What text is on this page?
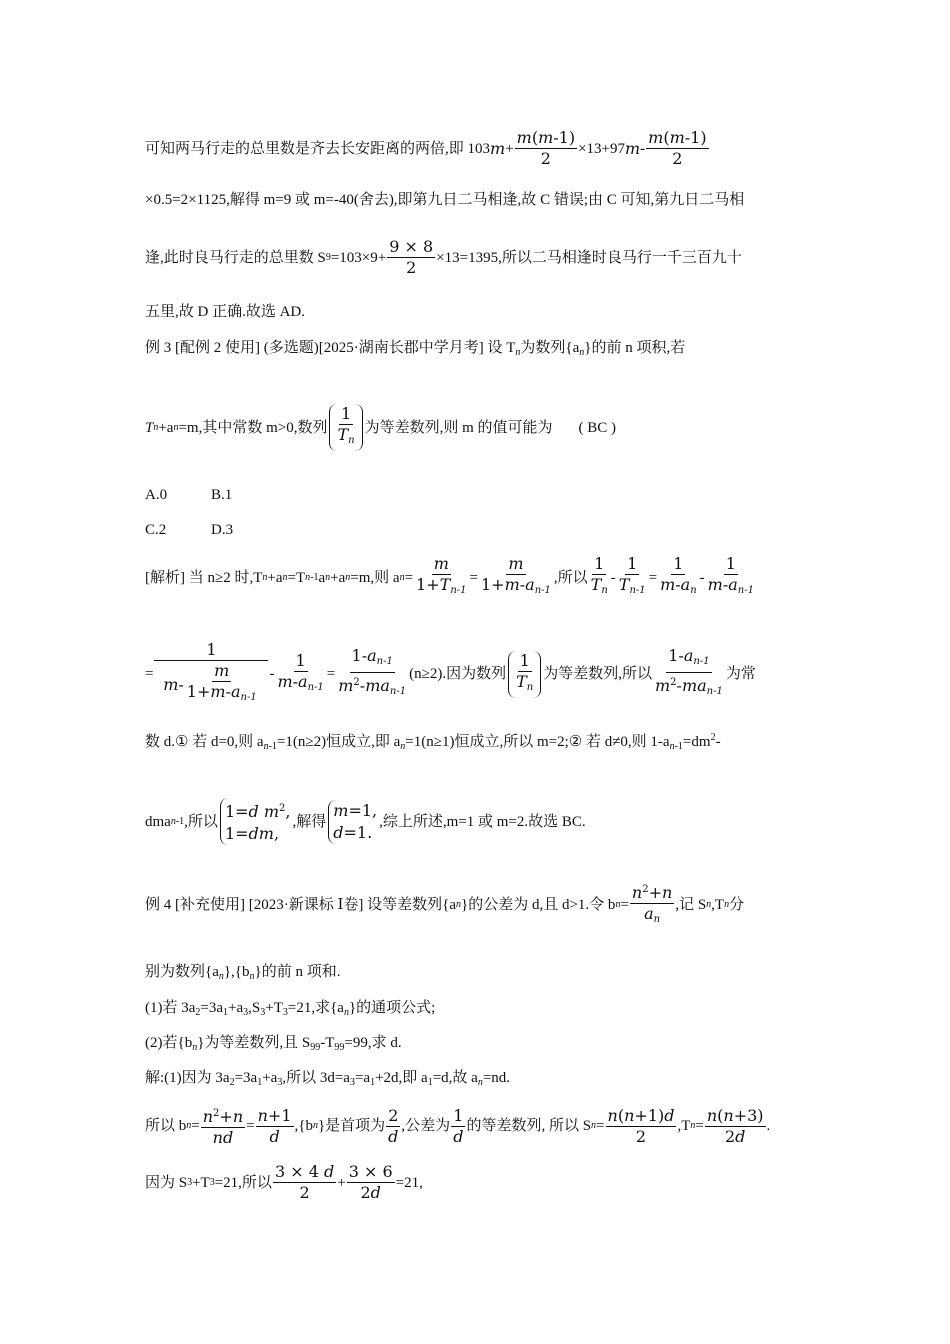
可知两马行走的总里数是齐去长安距离的两倍,即 103 $m + \frac{m(m-1)}{2} \times 13+97$ m - $\frac{m(m-1)}{2}$
×0.5=2×1125,解得 m=9 或 m=-40(舍去),即第九日二马相逢,故 C 错误;由 C 可知,第九日二马相
逢,此时良马行走的总里数 S $9 =103\times 9+ \frac{9 \times 8}{2} \times 13=1395$,所以二马相逢时良马行一千三百九十
五里,故 D 正确.故选 AD.
例 3 [配例 2 使用] (多选题)[2025·湖南长郡中学月考] 设 $T_n$为数列$\{a_n\}$的前 n 项积,若
T n +a n =m,其中常数 m>0,数列 $\frac{1}{T_n}$ 为等差数列,则 m 的值可能为 ( BC )
A.0	B.1
C.2	D.3
[解析] 当 n≥2 时,T n +a n =T n-1 a n +a n =m,则 a $n = \frac{m}{1+T_{n-1}} = \frac{m}{1+m-a_{n-1}}$ ,所以 $\frac{1}{T_n} - \frac{1}{T_{n-1}} = \frac{1}{m-a_n} - \frac{1}{m-a_{n-1}}$
= $\frac{1}{m - \frac{m}{1+m-a_{n-1}}} - \frac{1}{m-a_{n-1}} = \frac{1-a_{n-1}}{m^2-ma_{n-1}} (n\ge 2)$.因为数列 $\frac{1}{T_n}$ 为等差数列,所以 $\frac{1-a_{n-1}}{m^2-ma_{n-1}}$ 为常
数 d.① 若 d=0,则 $a_{n-1}=1(n\ge 2)$恒成立,即 $a_n=1(n\ge 1)$恒成立,所以 m=2;② 若 d≠0,则 $1-a_{n-1}=dm^2-$
dma n-1 ,所以
1=d $m^2$,
1=dm,
,解得
m=1,
d=1.
,综上所述,m=1 或 m=2.故选 BC.
例 4 [补充使用] [2023·新课标 Ⅰ卷] 设等差数列{a n }的公差为 d,且 d>1.令 b $n = \frac{n^2+n}{a_n}$ ,记 S n ,T n 分
别为数列$\{a_n\},\{b_n\}$的前 n 项和.
(1)若 $3a_2=3a_1+a_3,S_3+T_3=21$,求$\{a_n\}$的通项公式;
(2)若$\{b_n\}$为等差数列,且 $S_{99}-T_{99}=99$,求 d.
解:(1)因为 $3a_2=3a_1+a_3$,所以 $3d=a_3=a_1+2d$,即 $a_1=d$,故 $a_n=nd$.
所以 b $n = \frac{n^2+n}{nd} = \frac{n+1}{d} ,\{b$ n }是首项为 $\frac{2}{d}$ ,公差为 $\frac{1}{d}$ 的等差数列, 所以 S $n = \frac{n(n+1)d}{2} ,T$ $n = \frac{n(n+3)}{2d}$ .
因为 S 3 +T 3 =21,所以 $\frac{3 \times 4 d}{2} + \frac{3 \times 6}{2d} =21$,
